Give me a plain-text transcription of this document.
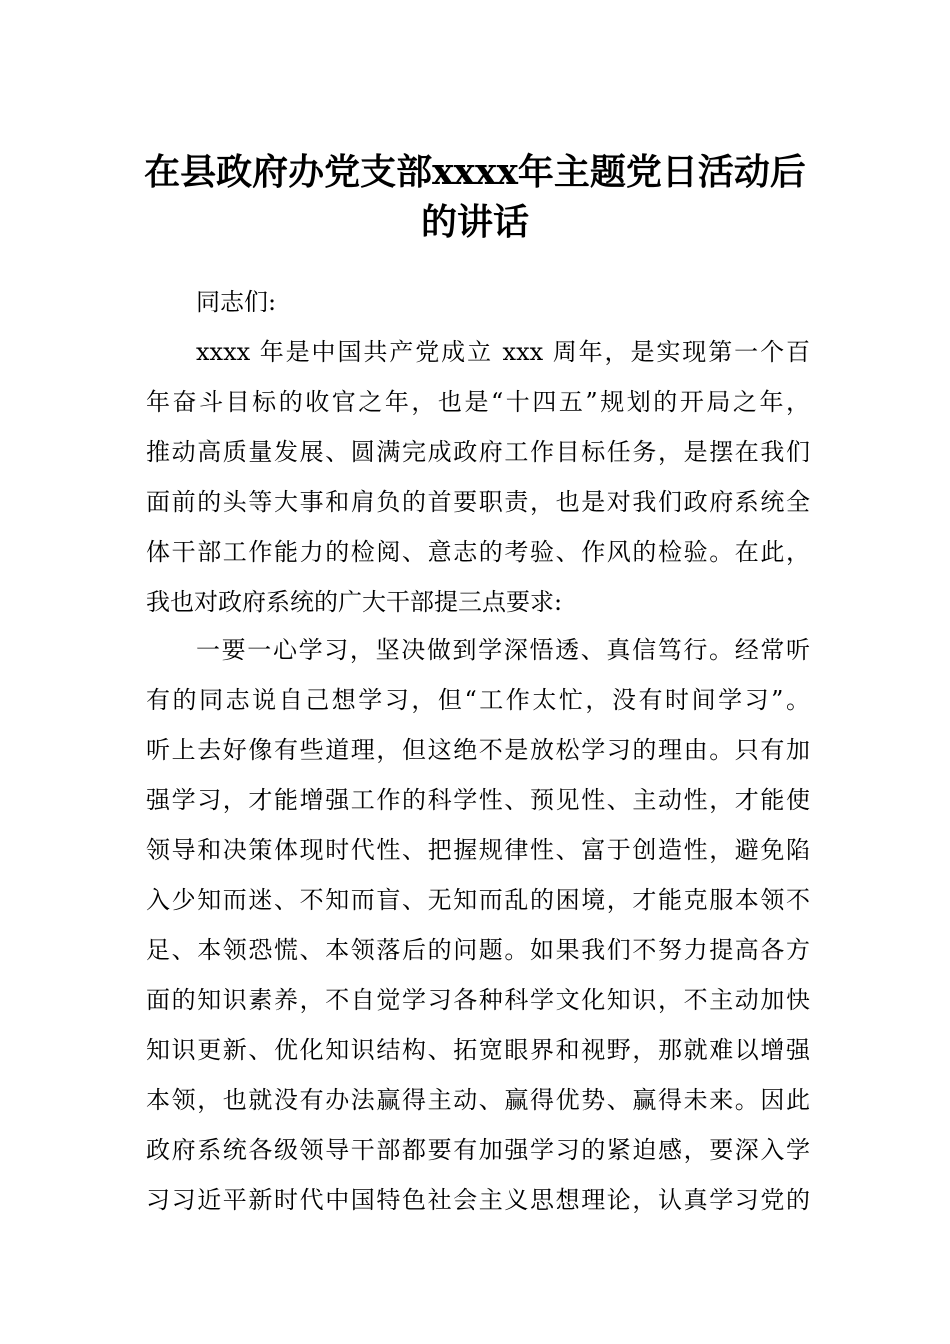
在县政府办党支部xxxx年主题党日活动后
的讲话

同志们:

xxxx 年是中国共产党成立 xxx 周年，是实现第一个百

年奋斗目标的收官之年，也是“十四五”规划的开局之年，

推动高质量发展、圆满完成政府工作目标任务，是摆在我们

面前的头等大事和肩负的首要职责，也是对我们政府系统全

体干部工作能力的检阅、意志的考验、作风的检验。在此，

我也对政府系统的广大干部提三点要求:

一要一心学习，坚决做到学深悟透、真信笃行。经常听

有的同志说自己想学习，但“工作太忙，没有时间学习”。

听上去好像有些道理，但这绝不是放松学习的理由。只有加

强学习，才能增强工作的科学性、预见性、主动性，才能使

领导和决策体现时代性、把握规律性、富于创造性，避免陷

入少知而迷、不知而盲、无知而乱的困境，才能克服本领不

足、本领恐慌、本领落后的问题。如果我们不努力提高各方

面的知识素养，不自觉学习各种科学文化知识，不主动加快

知识更新、优化知识结构、拓宽眼界和视野，那就难以增强

本领，也就没有办法赢得主动、赢得优势、赢得未来。因此

政府系统各级领导干部都要有加强学习的紧迫感，要深入学

习习近平新时代中国特色社会主义思想理论，认真学习党的
